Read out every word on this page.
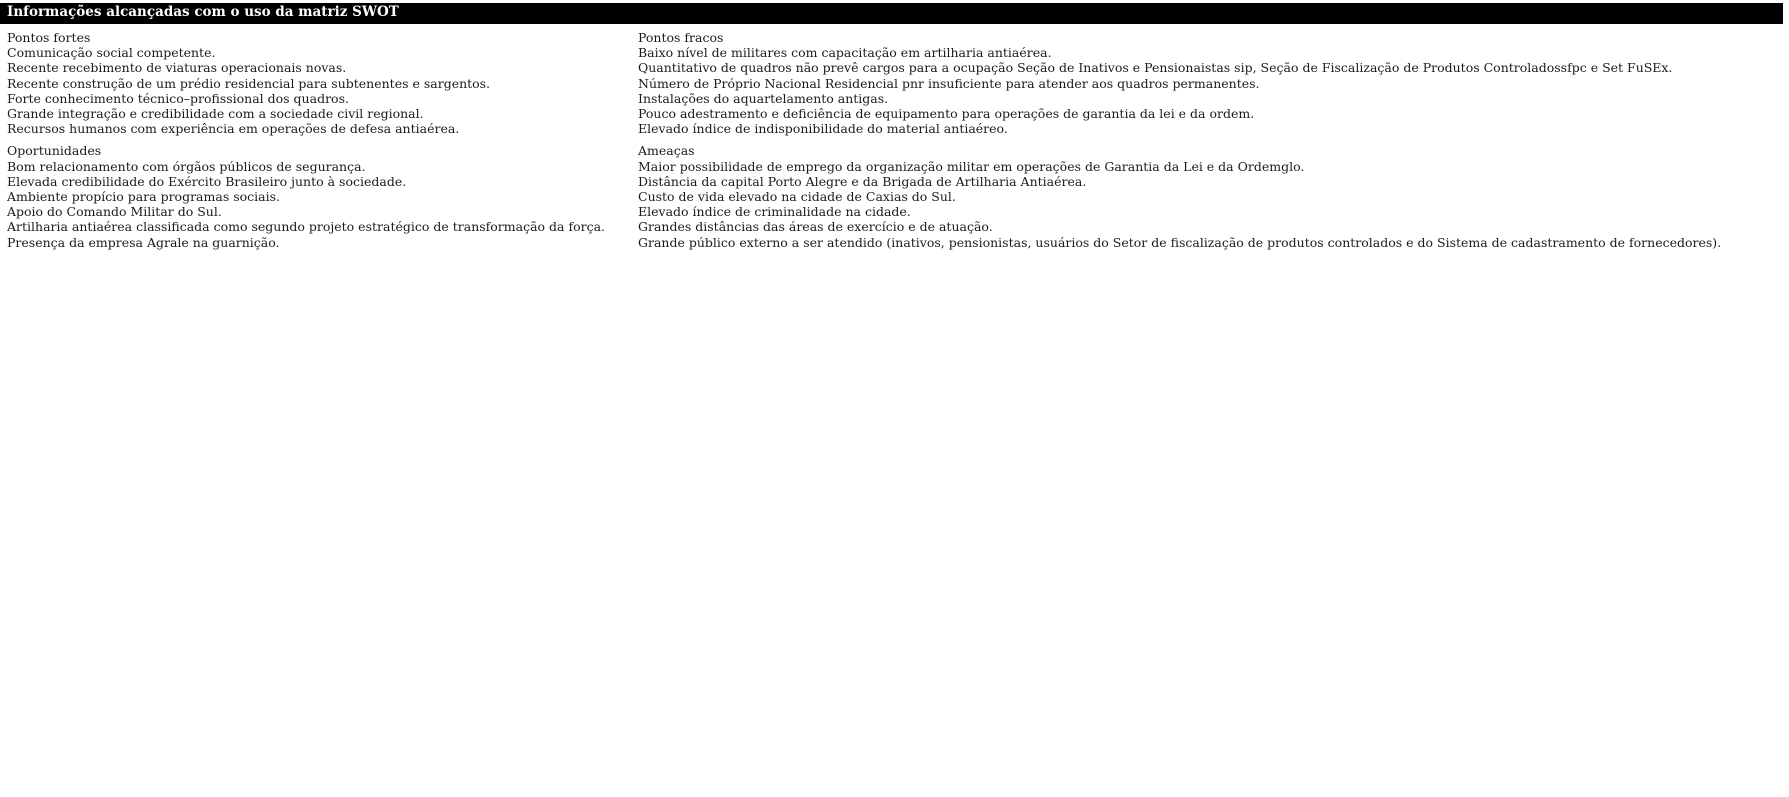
Informações alcançadas com o uso da matriz SWOT
Pontos fortes
Comunicação social competente.
Recente recebimento de viaturas operacionais novas.
Recente construção de um prédio residencial para subtenentes e sargentos.
Forte conhecimento técnico–profissional dos quadros.
Grande integração e credibilidade com a sociedade civil regional.
Recursos humanos com experiência em operações de defesa antiaérea.
Oportunidades
Bom relacionamento com órgãos públicos de segurança.
Elevada credibilidade do Exército Brasileiro junto à sociedade.
Ambiente propício para programas sociais.
Apoio do Comando Militar do Sul.
Artilharia antiaérea classificada como segundo projeto estratégico de transformação da força.
Presença da empresa Agrale na guarnição.
Pontos fracos
Baixo nível de militares com capacitação em artilharia antiaérea.
Quantitativo de quadros não prevê cargos para a ocupação Seção de Inativos e Pensionaistas sip, Seção de Fiscalização de Produtos Controladossfpc e Set FuSEx.
Número de Próprio Nacional Residencial pnr insuficiente para atender aos quadros permanentes.
Instalações do aquartelamento antigas.
Pouco adestramento e deficiência de equipamento para operações de garantia da lei e da ordem.
Elevado índice de indisponibilidade do material antiaéreo.
Ameaças
Maior possibilidade de emprego da organização militar em operações de Garantia da Lei e da Ordemglo.
Distância da capital Porto Alegre e da Brigada de Artilharia Antiaérea.
Custo de vida elevado na cidade de Caxias do Sul.
Elevado índice de criminalidade na cidade.
Grandes distâncias das áreas de exercício e de atuação.
Grande público externo a ser atendido (inativos, pensionistas, usuários do Setor de fiscalização de produtos controlados e do Sistema de cadastramento de fornecedores).
